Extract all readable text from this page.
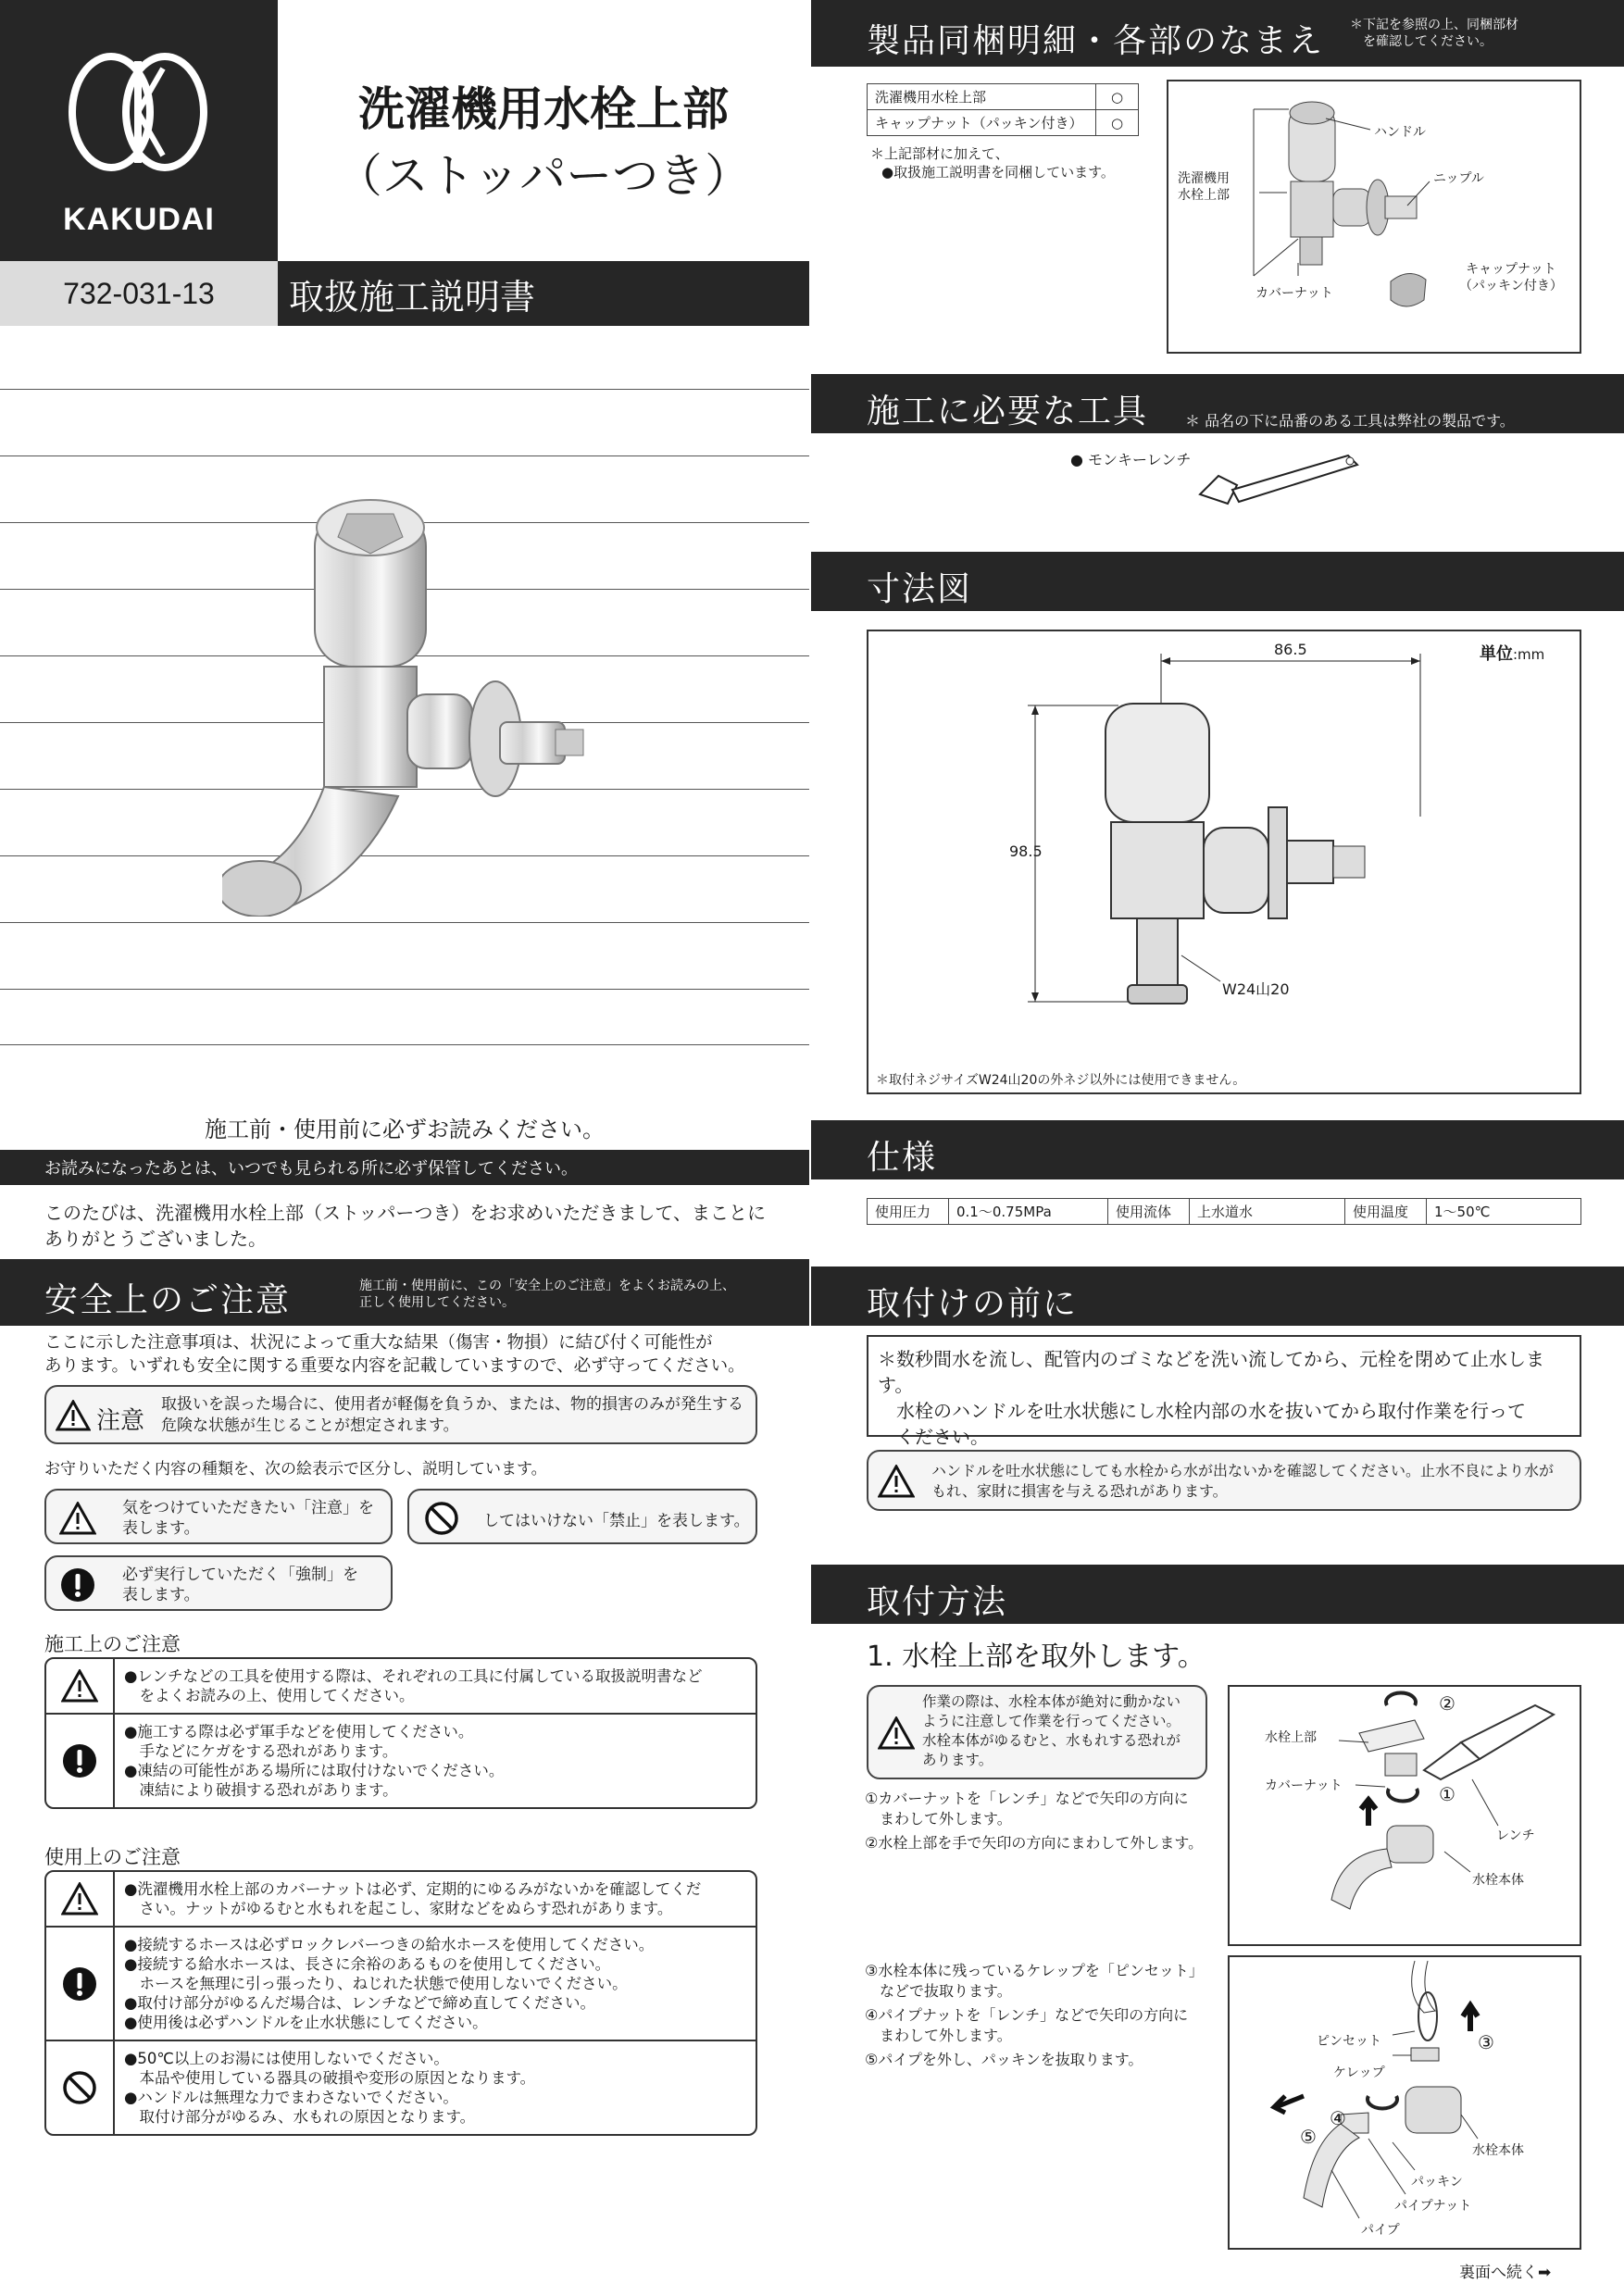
KAKUDAI
洗濯機用水栓上部
（ストッパーつき）
732-031-13 取扱施工説明書
施工前・使用前に必ずお読みください。
お読みになったあとは、いつでも見られる所に必ず保管してください。
このたびは、洗濯機用水栓上部（ストッパーつき）をお求めいただきまして、まことに
ありがとうございました。
安全上のご注意	施工前・使用前に、この「安全上のご注意」をよくお読みの上、
正しく使用してください。
ここに示した注意事項は、状況によって重大な結果（傷害・物損）に結び付く可能性が
あります。いずれも安全に関する重要な内容を記載していますので、必ず守ってください。
注意
取扱いを誤った場合に、使用者が軽傷を負うか、または、物的損害のみが発生する
危険な状態が生じることが想定されます。
お守りいただく内容の種類を、次の絵表示で区分し、説明しています。
気をつけていただきたい「注意」を
表します。	してはいけない「禁止」を表します。
必ず実行していただく「強制」を
表します。
施工上のご注意
●レンチなどの工具を使用する際は、それぞれの工具に付属している取扱説明書など
　をよくお読みの上、使用してください。
●施工する際は必ず軍手などを使用してください。
　手などにケガをする恐れがあります。
●凍結の可能性がある場所には取付けないでください。
　凍結により破損する恐れがあります。
使用上のご注意
●洗濯機用水栓上部のカバーナットは必ず、定期的にゆるみがないかを確認してくだ
　さい。ナットがゆるむと水もれを起こし、家財などをぬらす恐れがあります。
●接続するホースは必ずロックレバーつきの給水ホースを使用してください。
●接続する給水ホースは、長さに余裕のあるものを使用してください。
　ホースを無理に引っ張ったり、ねじれた状態で使用しないでください。
●取付け部分がゆるんだ場合は、レンチなどで締め直してください。
●使用後は必ずハンドルを止水状態にしてください。
●50℃以上のお湯には使用しないでください。
　本品や使用している器具の破損や変形の原因となります。
●ハンドルは無理な力でまわさないでください。
　取付け部分がゆるみ、水もれの原因となります。
製品同梱明細・各部のなまえ ＊下記を参照の上、同梱部材
を確認してください。
洗濯機用水栓上部	○
キャップナット（パッキン付き）	○
＊上記部材に加えて、
●取扱施工説明書を同梱しています。
ハンドル
ニップル
洗濯機用
水栓上部
カバーナット
キャップナット
（パッキン付き）
施工に必要な工具 ＊ 品名の下に品番のある工具は弊社の製品です。
● モンキーレンチ
寸法図
単位:mm
86.5
98.5
W24山20
＊取付ネジサイズW24山20の外ネジ以外には使用できません。
仕様
使用圧力	0.1～0.75MPa	使用流体	上水道水	使用温度	1～50℃
取付けの前に
＊数秒間水を流し、配管内のゴミなどを洗い流してから、元栓を閉めて止水します。
　水栓のハンドルを吐水状態にし水栓内部の水を抜いてから取付作業を行って
　ください。
ハンドルを吐水状態にしても水栓から水が出ないかを確認してください。止水不良により水が
もれ、家財に損害を与える恐れがあります。
取付方法
1. 水栓上部を取外します。
作業の際は、水栓本体が絶対に動かない
ように注意して作業を行ってください。
水栓本体がゆるむと、水もれする恐れが
あります。
①カバーナットを「レンチ」などで矢印の方向に
　まわして外します。
②水栓上部を手で矢印の方向にまわして外します。
水栓上部
カバーナット
レンチ
水栓本体
②
①
③水栓本体に残っているケレップを「ピンセット」
　などで抜取ります。
④パイプナットを「レンチ」などで矢印の方向に
　まわして外します。
⑤パイプを外し、パッキンを抜取ります。
ピンセット
ケレップ
水栓本体
パッキン
パイプナット
パイプ
③
④
⑤
裏面へ続く➡
